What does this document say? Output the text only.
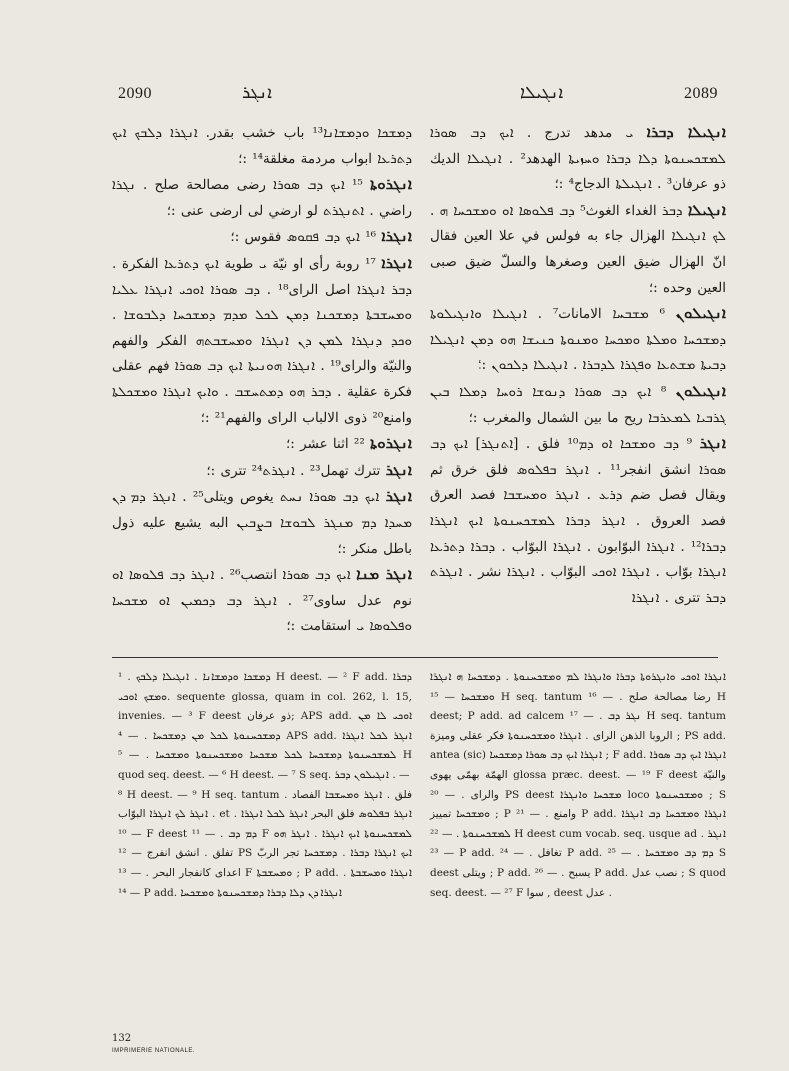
2090	ܐܢܓܪ	ܐܢܓܝܠܐ	2089

ܕܡܫܟܐ ܘܕܡܫܐܢܐ¹³ باب خشب بقدر. ܐܢܓܪܐ ܕܠܒܟ ܐܝܟ ܕܬܪܥܐ ابواب مردمة مغلقة¹⁴ :؛

ܐܢܓܪܘܬܐ ¹⁵ ܐܝܟ ܕܒ ܣܘܪܐ رضى مصالحة صلح . ܢܓܪܐ راضي . ܐܬܢܓܪܬ لو ارضي لى ارضى عنى :؛

ܐܢܓܪܐ ¹⁶ ܐܝܟ ܕܒ ܦܩܘܣ فقوس :؛

ܐܢܓܪܐ ¹⁷ روبة رأى او نيّة ܝ طوية ܐܝܟ ܕܬܪܥܐ الفكرة . ܕܒܪ ܐܢܓܪܐ اصل الراى¹⁸ . ܕܒ ܣܘܪܐ ܐܘܟܝ ܐܢܓܪܐ ܥܠܝܐ ܘܡܚܫܒܬܐ ܕܡܫܟܢܐ ܕܡܢ ܠܟܠ ܡܕܡ ܕܡܫܟܚܐ ܕܠܒܘܫܐ . ܘܟܕ ܕܢܓܪܐ ܠܡܢ ܕܢ ܐܢܓܪܐ ܘܡܚܫܒܬܗ الفكر والفهم والنيّة والراى¹⁹ . ܐܢܓܪܐ ܗܘܢܝܬܐ ܐܝܟ ܕܒ ܣܘܪܐ فهم عقلى فكرة عقلية . ܕܒܪ ܗܘ ܕܡܬܚܫܒ . ܘܐܝܟ ܐܢܓܪܐ ܘܡܫܟܠܬܐ وامنع²⁰ ذوى الالباب الراى والفهم²¹ :؛

ܐܢܓܪܘܬܐ ²² اثنا عشر :؛

ܐܢܓܪ تترك تهمل²³ . ܐܢܓܪܬ²⁴ تترى :؛

ܐܢܓܪ ܐܝܟ ܕܒ ܣܘܪܐ ܢܚܬ يغوص ويتلى²⁵ . ܐܢܓܪ ܕܡ ܕܢ ܡܚܕܐ ܕܡ ܡܢܓܪ ܠܒܘܫܐ ܒܨܒܝܢ البه يشيع عليه ذول باطل منكر :؛

ܐܢܓܪ ܡܢܐ ܐܝܟ ܕܒ ܣܘܪܐ انتصب²⁶ . ܐܢܓܪ ܕܒ ܦܠܘܣܐ ܐܘ نوم عدل ساوى²⁷ . ܐܢܓܪ ܕܒ ܕܟܡܝܢ ܐܘ ܡܫܟܚܐ ܘܦܠܘܣܐ ܝ استقامت :؛

ܐܢܓܝܠܐ ܕܒܪܐ ܝ مدهد تدرج . ܐܝܟ ܕܒ ܣܘܪܐ ܠܡܫܟܚܢܘܬܐ ܕܠܐ ܕܒܪܐ ܘܚܙܝܬܐ الهدهد² . ܐܢܓܝܠܐ الديك ذو عرفان³ . ܐܢܓܝܠܬܐ الدجاج⁴ :؛

ܐܢܓܝܠܐ ܕܒܪ الغداء الغوث⁵ ܕܒ ܦܠܘܣܐ ܐܘ ܘܡܫܟܚܐ ܗ . ܠܟ ܐܢܓܝܠܐ الهزال جاء به فولس في علا العين فقال انّ الهزال ضيق العين وصغرها والسلّ ضيق صبى العين وحده :؛

ܐܢܓܝܠܘܢ ⁶ ܡܫܒܚܐ الامانات⁷ . ܐܢܓܝܠܐ ܘܐܢܓܝܠܘܬܐ ܕܡܫܟܚܐ ܘܡܠܬܐ ܘܡܟܚܐ ܘܡܢܘܬܐ ܟܢܝܫܐ ܗܘ ܕܡܢ ܐܢܓܝܠܐ ܕܒܝܬܐ ܡܫܬܥܐ ܘܦܓܪܐ ܠܕܒܪܐ . ܐܢܓܝܠܐ ܕܠܟܘܢ :؛

ܐܢܓܝܠܘܢ ⁸ ܐܝܟ ܕܒ ܣܘܪܐ ܕܢܘܫܐ ܪܘܚܐ ܕܡܠܐ ܒܝܢ ܓܪܒܝܐ ܠܡܥܪܒܐ ريح ما بين الشمال والمغرب :؛

ܐܢܓܪ ⁹ ܕܒ ܘܡܫܟܐ ܐܘ ܕܡ¹⁰ فلق . [ܐܬܢܓܪ] ܐܝܟ ܕܒ ܣܘܪܐ انشق انفجر¹¹ . ܐܢܓܪ ܒܦܠܘܣ فلق خرق ثم ويقال فصل ضم ܕܪܥ . ܐܢܓܪ ܘܡܚܫܒܐ فصد العرق فصد العروق . ܐܢܓܪ ܕܒܪܐ ܠܡܫܟܚܢܘܬܐ ܐܝܟ ܐܢܓܪܐ ܕܒܪܐ¹² . ܐܢܓܪܐ البوّابون . ܐܢܓܪܐ البوّاب . ܕܒܪܐ ܕܬܪܥܐ ܐܢܓܪܐ بوّاب . ܐܢܓܪܐ ܐܘܟܝ البوّاب . ܐܢܓܪܐ نشر . ܐܢܓܪܬ ܕܒܪ تترى . ܐܢܓܪܐ

ܕܡܫܟܐ ܘܕܡܫܐܢܐ . ܐܢܓܝܠܐ ܕܠܒܟ . ¹ H deest. — ² F add. ܕܒܪܐ ܘܡܫܟ ܐܘܟܝ. sequente glossa, quam in col. 262, l. 15, invenies. — ³ F deest ذو عرفان; APS add. ܐܘܟܝ ܠܐ ܡܢ ܕܡܫܟܚܢܘܬܐ ܠܟܠ ܡܢ ܕܡܫܟܚܐ . — ⁴ APS add. ܐܢܓܪ ܠܟܠ ܐܢܓܪܐ ܠܡܫܟܚܢܘܬܐ ܕܡܫܟܚܐ ܠܟܠ ܡܫܟܚܐ ܘܡܫܟܚܢܘܬܐ ܘܡܫܟܚܐ . — ⁵ H quod seq. deest. — ⁶ H deest. — ⁷ S seq. ܐܢܓܝܠܘܢ ܕܒܪ . —

⁸ H deest. — ⁹ H seq. tantum فلق . ܐܢܓܪ ܘܡܚܫܒܐ الفصاد . ܐܢܓܪ ܠܟ ܐܢܓܪܐ البوّاب . et ܐܢܓܪ ܒܦܠܘܣ فلق البحر ܐܢܓܪ ܠܟܠ ܐܢܓܪܐ . — ¹⁰ F deest ܕܡ ܕܒ . — ¹¹ F ܠܡܫܟܚܢܘܬܐ ܐܝܟ ܐܢܓܪܐ . ܐܢܓܪ ܗܘ تفلق . انشق انفرج — ¹² PS ܐܝܟ ܐܢܓܪܐ ܕܒܪܐ . ܕܡܫܟܚܐ تجر الربّ اعداى كانفجار البحر . — ¹³ F ܘܡܚܫܒܬܐ ; P add. ܐܢܓܪܐ ܘܡܚܫܒܬܐ . — ¹⁴ P add. ܐܢܓܪܐ ܕܢ ܕܠܐ ܕܒܪܐ ܕܡܫܟܚܢܘܬܐ ܘܡܫܟܚܐ

ܐܢܓܪܐ ܐܘܟܝ ܘܐܢܓܪܘܬܐ ܕܒܪܐ ܘܐܢܓܪܐ ܠܡ ܘܡܫܟܚܢܘܬܐ . ܕܡܫܟܚܐ ܗ ܐܢܓܪܐ ܘܡܫܟܚܐ — ¹⁵ H seq. tantum رضا مصالحة صلح . — ¹⁶ H deest; P add. ad calcem ܢܓܪ ܕܒ . — ¹⁷ H seq. tantum الروبا الذهن الراى . ܐܢܓܪܐ ܘܡܫܟܚܢܘܬܐ فكر عقلى وميزة ; PS add. antea (sic) ܐܢܓܪܐ ܐܝܟ ܕܒ ܣܘܪܐ ܕܡܫܟܚܐ ; F add. ܐܢܓܪܐ ܐܝܟ ܕܒ ܣܘܪܐ الهمّة بهمّى يهوى glossa præc. deest. — ¹⁹ F deest والنيّة والراى . — ²⁰ PS deest ܡܫܟܚܐ ܘܐܢܓܪܐ loco ܘܡܫܟܚܢܘܬܐ ; S ܘܡܫܟܚܐ تمييز ; P وامنع . — ²¹ P add. ܐܢܓܪܐ ܘܡܫܟܚܐ ܕܒ ܐܢܓܪܐ ܠܡܫܟܚܢܘܬܐ . — ²² H deest cum vocab. seq. usque ad ܐܢܓܪ . — ²³ P add. تغافل . — ²⁴ P add. ܕܡ ܕܒ ܘܡܫܟܚܐ . — ²⁵ S deest ويتلى ; P add. يسبح . — ²⁶ P add. نصب عدل ; S quod seq. deest. — ²⁷ F سوا , deest عدل .

132
IMPRIMERIE NATIONALE.
